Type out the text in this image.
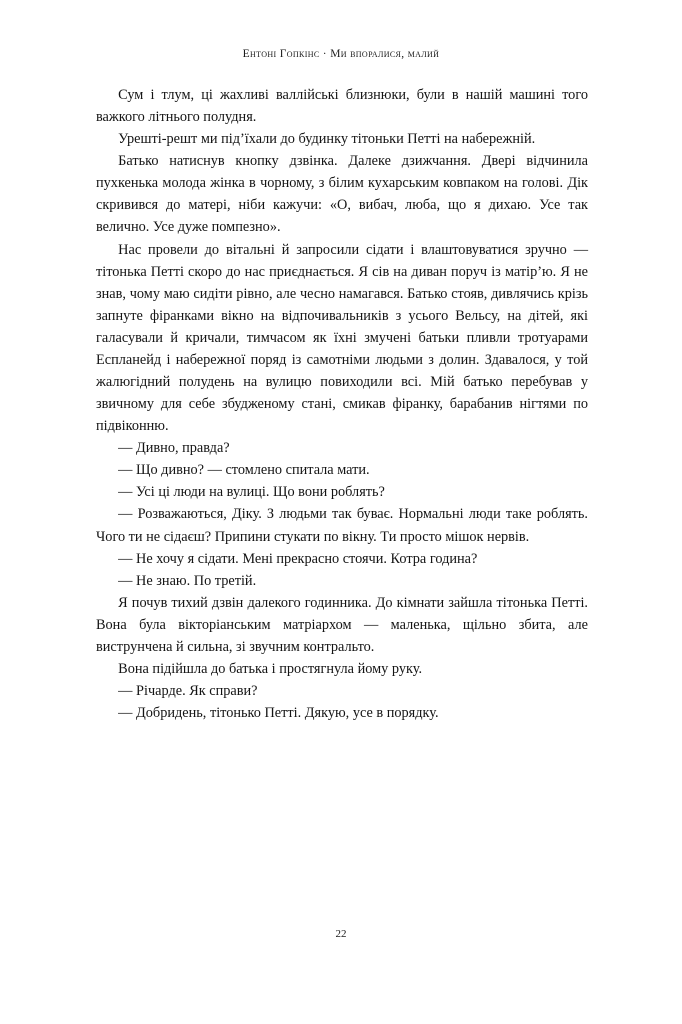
Ентоні Гопкінс · Ми впоралися, малий

Сум і тлум, ці жахливі валлійські близнюки, були в нашій машині того важкого літнього полудня.

Урешті-решт ми під’їхали до будинку тітоньки Петті на набережній.

Батько натиснув кнопку дзвінка. Далеке дзижчання. Двері відчинила пухкенька молода жінка в чорному, з білим кухарським ковпаком на голові. Дік скривився до матері, ніби кажучи: «О, вибач, люба, що я дихаю. Усе так велично. Усе дуже помпезно».

Нас провели до вітальні й запросили сідати і влаштовуватися зручно — тітонька Петті скоро до нас приєднається. Я сів на диван поруч із матір’ю. Я не знав, чому маю сидіти рівно, але чесно намагався. Батько стояв, дивлячись крізь запнуте фіранками вікно на відпочивальників з усього Вельсу, на дітей, які галасували й кричали, тимчасом як їхні змучені батьки пливли тротуарами Еспланейд і набережної поряд із самотніми людьми з долин. Здавалося, у той жалюгідний полудень на вулицю повиходили всі. Мій батько перебував у звичному для себе збудженому стані, смикав фіранку, барабанив нігтями по підвіконню.

— Дивно, правда?

— Що дивно? — стомлено спитала мати.

— Усі ці люди на вулиці. Що вони роблять?

— Розважаються, Діку. З людьми так буває. Нормальні люди таке роблять. Чого ти не сідаєш? Припини стукати по вікну. Ти просто мішок нервів.

— Не хочу я сідати. Мені прекрасно стоячи. Котра година?

— Не знаю. По третій.

Я почув тихий дзвін далекого годинника. До кімнати зайшла тітонька Петті. Вона була вікторіанським матріархом — маленька, щільно збита, але виструнчена й сильна, зі звучним контральто.

Вона підійшла до батька і простягнула йому руку.

— Річарде. Як справи?

— Добридень, тітонько Петті. Дякую, усе в порядку.

22
